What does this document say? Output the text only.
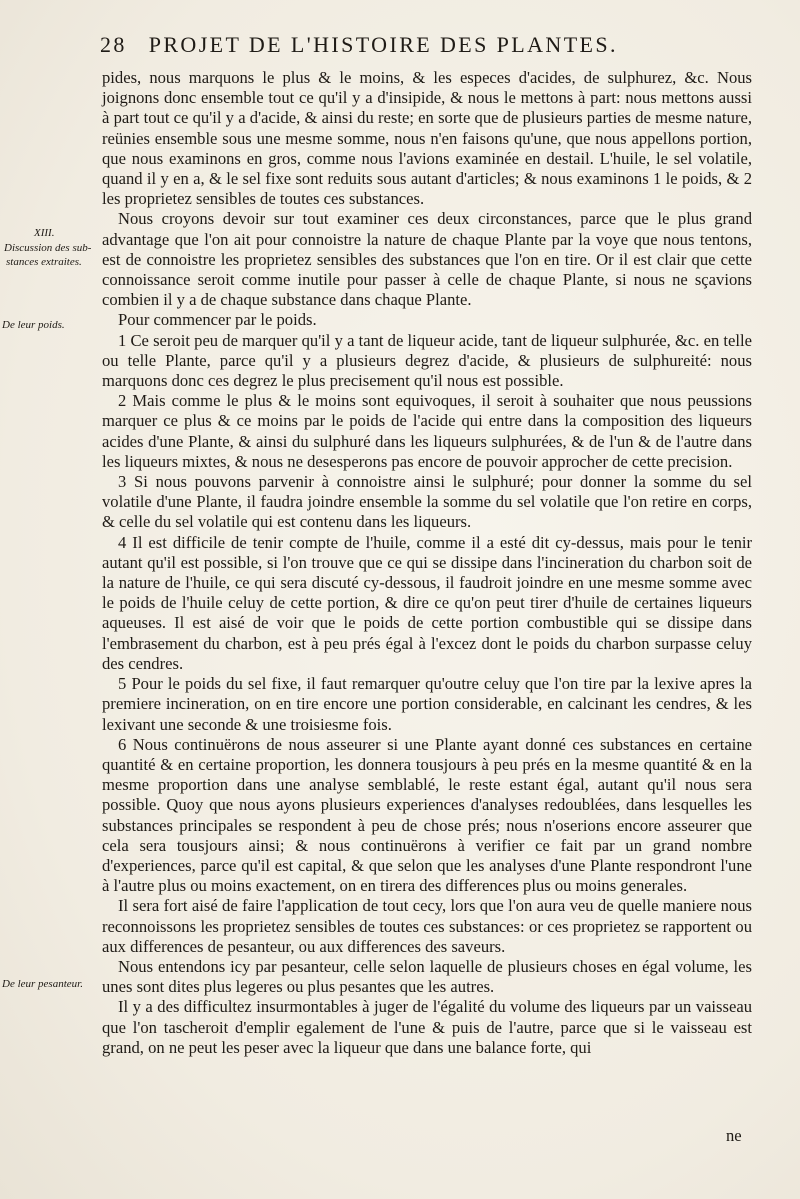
28 PROJET DE L'HISTOIRE DES PLANTES.
XIII.
Discussion des sub-
stances extraites.
De leur poids.
De leur pesanteur.

pides, nous marquons le plus & le moins, & les especes d'acides, de sulphurez, &c. Nous joignons donc ensemble tout ce qu'il y a d'insipide, & nous le mettons à part: nous mettons aussi à part tout ce qu'il y a d'acide, & ainsi du reste; en sorte que de plusieurs parties de mesme nature, reünies ensemble sous une mesme somme, nous n'en faisons qu'une, que nous appellons portion, que nous examinons en gros, comme nous l'avions examinée en destail. L'huile, le sel volatile, quand il y en a, & le sel fixe sont reduits sous autant d'articles; & nous examinons 1 le poids, & 2 les proprietez sensibles de toutes ces substances.

Nous croyons devoir sur tout examiner ces deux circonstances, parce que le plus grand advantage que l'on ait pour connoistre la nature de chaque Plante par la voye que nous tentons, est de connoistre les proprietez sensibles des substances que l'on en tire. Or il est clair que cette connoissance seroit comme inutile pour passer à celle de chaque Plante, si nous ne sçavions combien il y a de chaque substance dans chaque Plante.

Pour commencer par le poids.

1 Ce seroit peu de marquer qu'il y a tant de liqueur acide, tant de liqueur sulphurée, &c. en telle ou telle Plante, parce qu'il y a plusieurs degrez d'acide, & plusieurs de sulphureité: nous marquons donc ces degrez le plus precisement qu'il nous est possible.

2 Mais comme le plus & le moins sont equivoques, il seroit à souhaiter que nous peussions marquer ce plus & ce moins par le poids de l'acide qui entre dans la composition des liqueurs acides d'une Plante, & ainsi du sulphuré dans les liqueurs sulphurées, & de l'un & de l'autre dans les liqueurs mixtes, & nous ne desesperons pas encore de pouvoir approcher de cette precision.

3 Si nous pouvons parvenir à connoistre ainsi le sulphuré; pour donner la somme du sel volatile d'une Plante, il faudra joindre ensemble la somme du sel volatile que l'on retire en corps, & celle du sel volatile qui est contenu dans les liqueurs.

4 Il est difficile de tenir compte de l'huile, comme il a esté dit cy-dessus, mais pour le tenir autant qu'il est possible, si l'on trouve que ce qui se dissipe dans l'incineration du charbon soit de la nature de l'huile, ce qui sera discuté cy-dessous, il faudroit joindre en une mesme somme avec le poids de l'huile celuy de cette portion, & dire ce qu'on peut tirer d'huile de certaines liqueurs aqueuses. Il est aisé de voir que le poids de cette portion combustible qui se dissipe dans l'embrasement du charbon, est à peu prés égal à l'excez dont le poids du charbon surpasse celuy des cendres.

5 Pour le poids du sel fixe, il faut remarquer qu'outre celuy que l'on tire par la lexive apres la premiere incineration, on en tire encore une portion considerable, en calcinant les cendres, & les lexivant une seconde & une troisiesme fois.

6 Nous continuërons de nous asseurer si une Plante ayant donné ces substances en certaine quantité & en certaine proportion, les donnera tousjours à peu prés en la mesme quantité & en la mesme proportion dans une analyse semblablé, le reste estant égal, autant qu'il nous sera possible. Quoy que nous ayons plusieurs experiences d'analyses redoublées, dans lesquelles les substances principales se respondent à peu de chose prés; nous n'oserions encore asseurer que cela sera tousjours ainsi; & nous continuërons à verifier ce fait par un grand nombre d'experiences, parce qu'il est capital, & que selon que les analyses d'une Plante respondront l'une à l'autre plus ou moins exactement, on en tirera des differences plus ou moins generales.

Il sera fort aisé de faire l'application de tout cecy, lors que l'on aura veu de quelle maniere nous reconnoissons les proprietez sensibles de toutes ces substances: or ces proprietez se rapportent ou aux differences de pesanteur, ou aux differences des saveurs.

Nous entendons icy par pesanteur, celle selon laquelle de plusieurs choses en égal volume, les unes sont dites plus legeres ou plus pesantes que les autres.

Il y a des difficultez insurmontables à juger de l'égalité du volume des liqueurs par un vaisseau que l'on tascheroit d'emplir egalement de l'une & puis de l'autre, parce que si le vaisseau est grand, on ne peut les peser avec la liqueur que dans une balance forte, qui

ne
